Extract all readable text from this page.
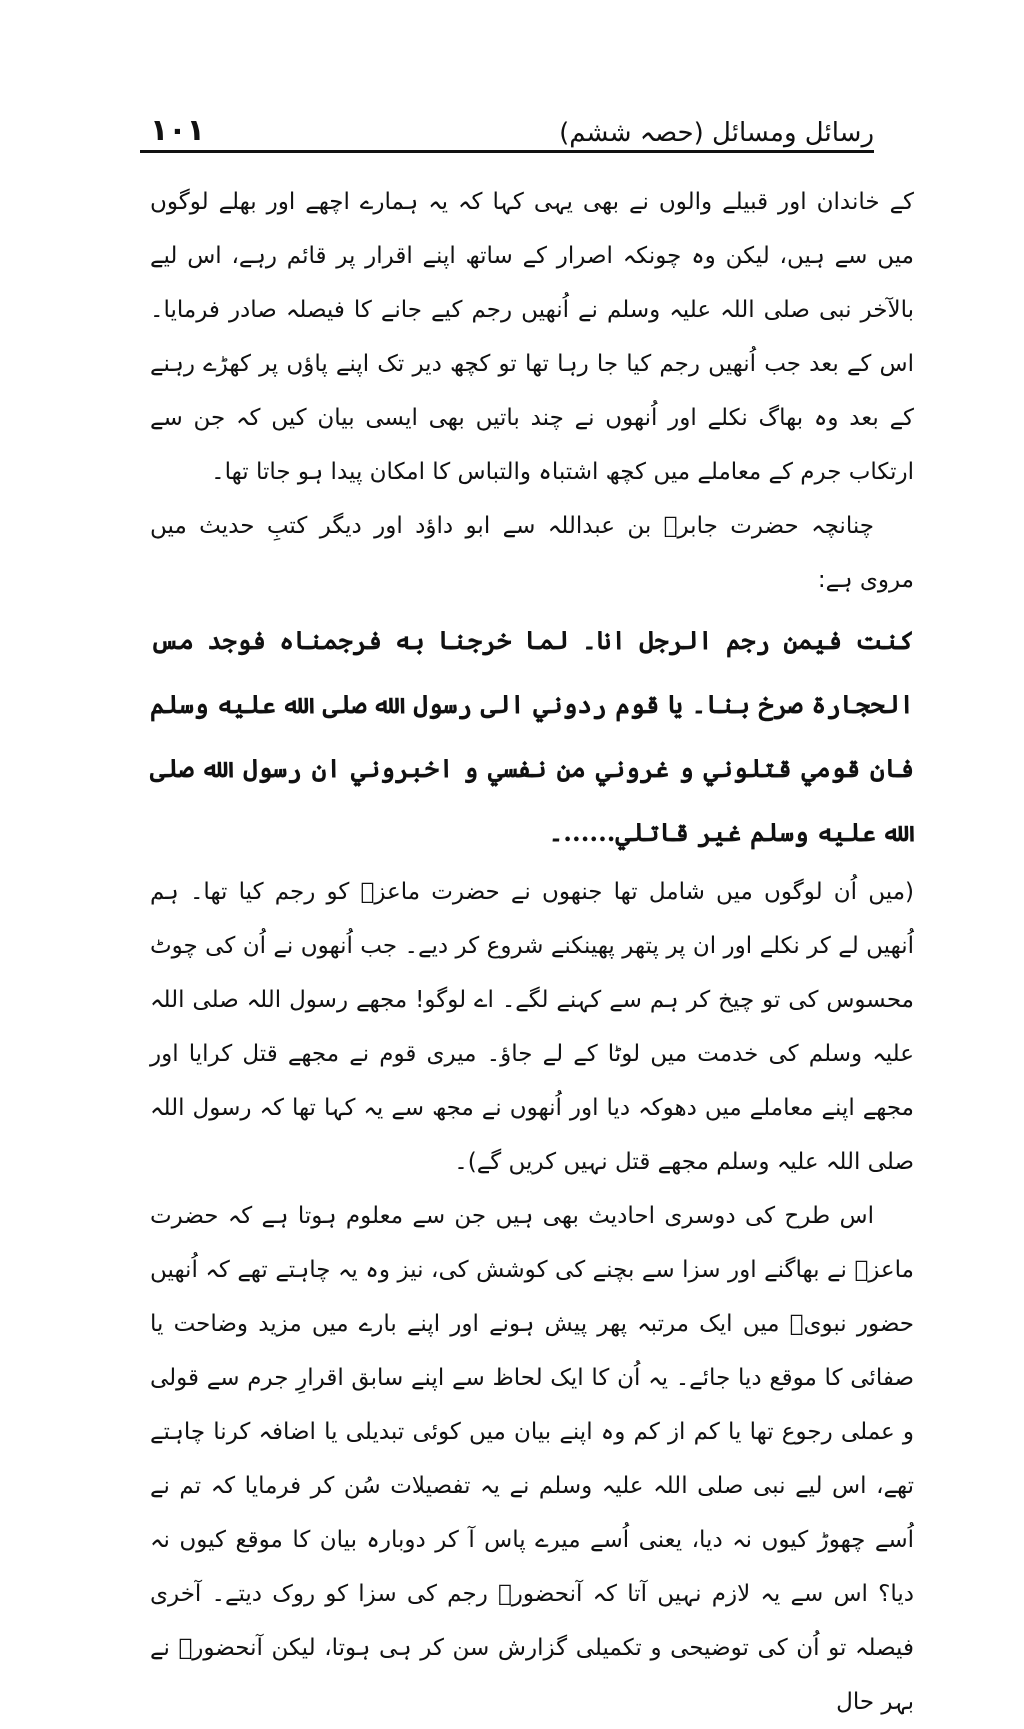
۱۰۱	رسائل ومسائل (حصہ ششم)

کے خاندان اور قبیلے والوں نے بھی یہی کہا کہ یہ ہمارے اچھے اور بھلے لوگوں میں سے ہیں، لیکن وہ چونکہ اصرار کے ساتھ اپنے اقرار پر قائم رہے، اس لیے بالآخر نبی صلی اللہ علیہ وسلم نے اُنھیں رجم کیے جانے کا فیصلہ صادر فرمایا۔ اس کے بعد جب اُنھیں رجم کیا جا رہا تھا تو کچھ دیر تک اپنے پاؤں پر کھڑے رہنے کے بعد وہ بھاگ نکلے اور اُنھوں نے چند باتیں بھی ایسی بیان کیں کہ جن سے ارتکاب جرم کے معاملے میں کچھ اشتباہ والتباس کا امکان پیدا ہو جاتا تھا۔

چنانچہ حضرت جابرؓ بن عبداللہ سے ابو داؤد اور دیگر کتبِ حدیث میں مروی ہے:

كنت فيمن رجم الرجل انا۔ لما خرجنا به فرجمناه فوجد مس الحجارة صرخ بنا۔ يا قوم ردوني الى رسول الله صلى الله عليه وسلم فان قومي قتلوني و غروني من نفسي و اخبروني ان رسول الله صلى الله عليه وسلم غير قاتلي......۔

(میں اُن لوگوں میں شامل تھا جنھوں نے حضرت ماعزؓ کو رجم کیا تھا۔ ہم اُنھیں لے کر نکلے اور ان پر پتھر پھینکنے شروع کر دیے۔ جب اُنھوں نے اُن کی چوٹ محسوس کی تو چیخ کر ہم سے کہنے لگے۔ اے لوگو! مجھے رسول اللہ صلی اللہ علیہ وسلم کی خدمت میں لوٹا کے لے جاؤ۔ میری قوم نے مجھے قتل کرایا اور مجھے اپنے معاملے میں دھوکہ دیا اور اُنھوں نے مجھ سے یہ کہا تھا کہ رسول اللہ صلی اللہ علیہ وسلم مجھے قتل نہیں کریں گے)۔

اس طرح کی دوسری احادیث بھی ہیں جن سے معلوم ہوتا ہے کہ حضرت ماعزؓ نے بھاگنے اور سزا سے بچنے کی کوشش کی، نیز وہ یہ چاہتے تھے کہ اُنھیں حضور نبویؐ میں ایک مرتبہ پھر پیش ہونے اور اپنے بارے میں مزید وضاحت یا صفائی کا موقع دیا جائے۔ یہ اُن کا ایک لحاظ سے اپنے سابق اقرارِ جرم سے قولی و عملی رجوع تھا یا کم از کم وہ اپنے بیان میں کوئی تبدیلی یا اضافہ کرنا چاہتے تھے، اس لیے نبی صلی اللہ علیہ وسلم نے یہ تفصیلات سُن کر فرمایا کہ تم نے اُسے چھوڑ کیوں نہ دیا، یعنی اُسے میرے پاس آ کر دوبارہ بیان کا موقع کیوں نہ دیا؟ اس سے یہ لازم نہیں آتا کہ آنحضورؐ رجم کی سزا کو روک دیتے۔ آخری فیصلہ تو اُن کی توضیحی و تکمیلی گزارش سن کر ہی ہوتا، لیکن آنحضورؐ نے بہر حال
